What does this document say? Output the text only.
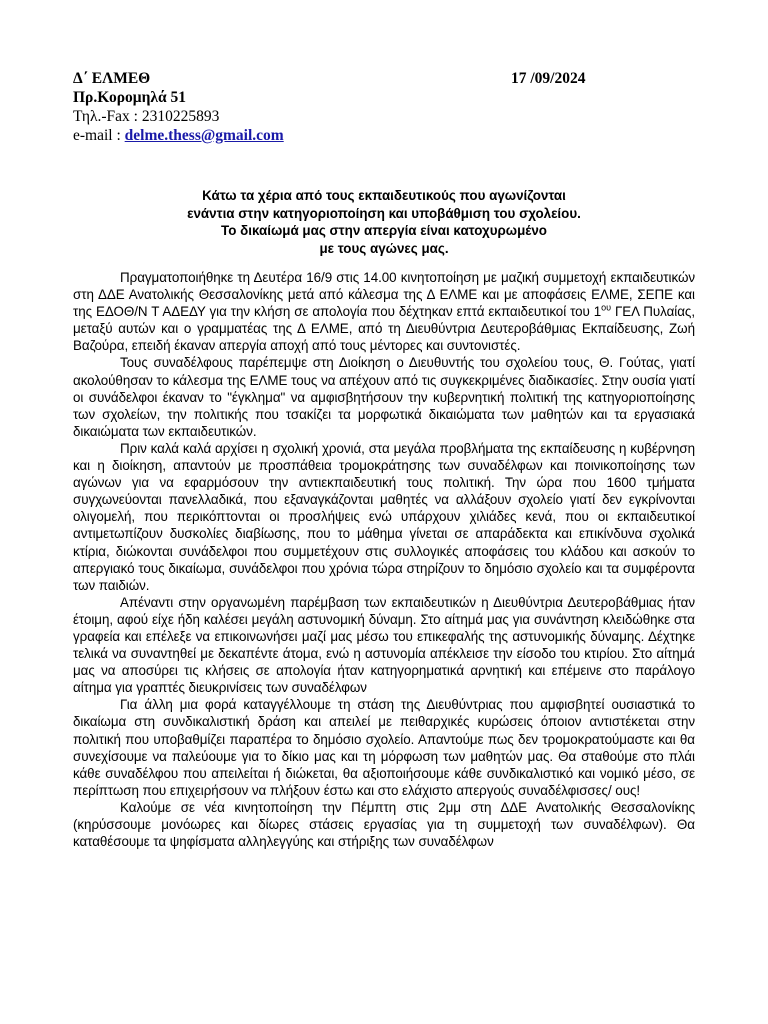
Δ΄ ΕΛΜΕΘ
Πρ.Κορομηλά 51
Τηλ.-Fax : 2310225893
e-mail : delme.thess@gmail.com
17 /09/2024
Κάτω τα χέρια από τους εκπαιδευτικούς που αγωνίζονται
ενάντια στην κατηγοριοποίηση και υποβάθμιση του σχολείου.
Το δικαίωμά μας στην απεργία είναι κατοχυρωμένο
με τους αγώνες μας.

Πραγματοποιήθηκε τη Δευτέρα 16/9 στις 14.00 κινητοποίηση με μαζική συμμετοχή εκπαιδευτικών στη ΔΔΕ Ανατολικής Θεσσαλονίκης μετά από κάλεσμα της Δ ΕΛΜΕ και με αποφάσεις ΕΛΜΕ, ΣΕΠΕ και της ΕΔΟΘ/Ν Τ ΑΔΕΔΥ για την κλήση σε απολογία που δέχτηκαν επτά εκπαιδευτικοί του $1^{o\upsilon}$ ΓΕΛ Πυλαίας, μεταξύ αυτών και ο γραμματέας της Δ ΕΛΜΕ, από τη Διευθύντρια Δευτεροβάθμιας Εκπαίδευσης, Ζωή Βαζούρα, επειδή έκαναν απεργία αποχή από τους μέντορες και συντονιστές.

Τους συναδέλφους παρέπεμψε στη Διοίκηση ο Διευθυντής του σχολείου τους, Θ. Γούτας, γιατί ακολούθησαν το κάλεσμα της ΕΛΜΕ τους να απέχουν από τις συγκεκριμένες διαδικασίες. Στην ουσία γιατί οι συνάδελφοι έκαναν το "έγκλημα" να αμφισβητήσουν την κυβερνητική πολιτική της κατηγοριοποίησης των σχολείων, την πολιτικής που τσακίζει τα μορφωτικά δικαιώματα των μαθητών και τα εργασιακά δικαιώματα των εκπαιδευτικών.

Πριν καλά καλά αρχίσει η σχολική χρονιά, στα μεγάλα προβλήματα της εκπαίδευσης η κυβέρνηση και η διοίκηση, απαντούν με προσπάθεια τρομοκράτησης των συναδέλφων και ποινικοποίησης των αγώνων για να εφαρμόσουν την αντιεκπαιδευτική τους πολιτική. Την ώρα που 1600 τμήματα συγχωνεύονται πανελλαδικά, που εξαναγκάζονται μαθητές να αλλάξουν σχολείο γιατί δεν εγκρίνονται ολιγομελή, που περικόπτονται οι προσλήψεις ενώ υπάρχουν χιλιάδες κενά, που οι εκπαιδευτικοί αντιμετωπίζουν δυσκολίες διαβίωσης, που το μάθημα γίνεται σε απαράδεκτα και επικίνδυνα σχολικά κτίρια, διώκονται συνάδελφοι που συμμετέχουν στις συλλογικές αποφάσεις του κλάδου και ασκούν το απεργιακό τους δικαίωμα, συνάδελφοι που χρόνια τώρα στηρίζουν το δημόσιο σχολείο και τα συμφέροντα των παιδιών.

Απέναντι στην οργανωμένη παρέμβαση των εκπαιδευτικών η Διευθύντρια Δευτεροβάθμιας ήταν έτοιμη, αφού είχε ήδη καλέσει μεγάλη αστυνομική δύναμη. Στο αίτημά μας για συνάντηση κλειδώθηκε στα γραφεία και επέλεξε να επικοινωνήσει μαζί μας μέσω του επικεφαλής της αστυνομικής δύναμης. Δέχτηκε τελικά να συναντηθεί με δεκαπέντε άτομα, ενώ η αστυνομία απέκλεισε την είσοδο του κτιρίου. Στο αίτημά μας να αποσύρει τις κλήσεις σε απολογία ήταν κατηγορηματικά αρνητική και επέμεινε στο παράλογο αίτημα για γραπτές διευκρινίσεις των συναδέλφων

Για άλλη μια φορά καταγγέλλουμε τη στάση της Διευθύντριας που αμφισβητεί ουσιαστικά το δικαίωμα στη συνδικαλιστική δράση και απειλεί με πειθαρχικές κυρώσεις όποιον αντιστέκεται στην πολιτική που υποβαθμίζει παραπέρα το δημόσιο σχολείο. Απαντούμε πως δεν τρομοκρατούμαστε και θα συνεχίσουμε να παλεύουμε για το δίκιο μας και τη μόρφωση των μαθητών μας. Θα σταθούμε στο πλάι κάθε συναδέλφου που απειλείται ή διώκεται, θα αξιοποιήσουμε κάθε συνδικαλιστικό και νομικό μέσο, σε περίπτωση που επιχειρήσουν να πλήξουν έστω και στο ελάχιστο απεργούς συναδέλφισσες/ ους!

Καλούμε σε νέα κινητοποίηση την Πέμπτη στις 2μμ στη ΔΔΕ Ανατολικής Θεσσαλονίκης (κηρύσσουμε μονόωρες και δίωρες στάσεις εργασίας για τη συμμετοχή των συναδέλφων). Θα καταθέσουμε τα ψηφίσματα αλληλεγγύης και στήριξης των συναδέλφων
